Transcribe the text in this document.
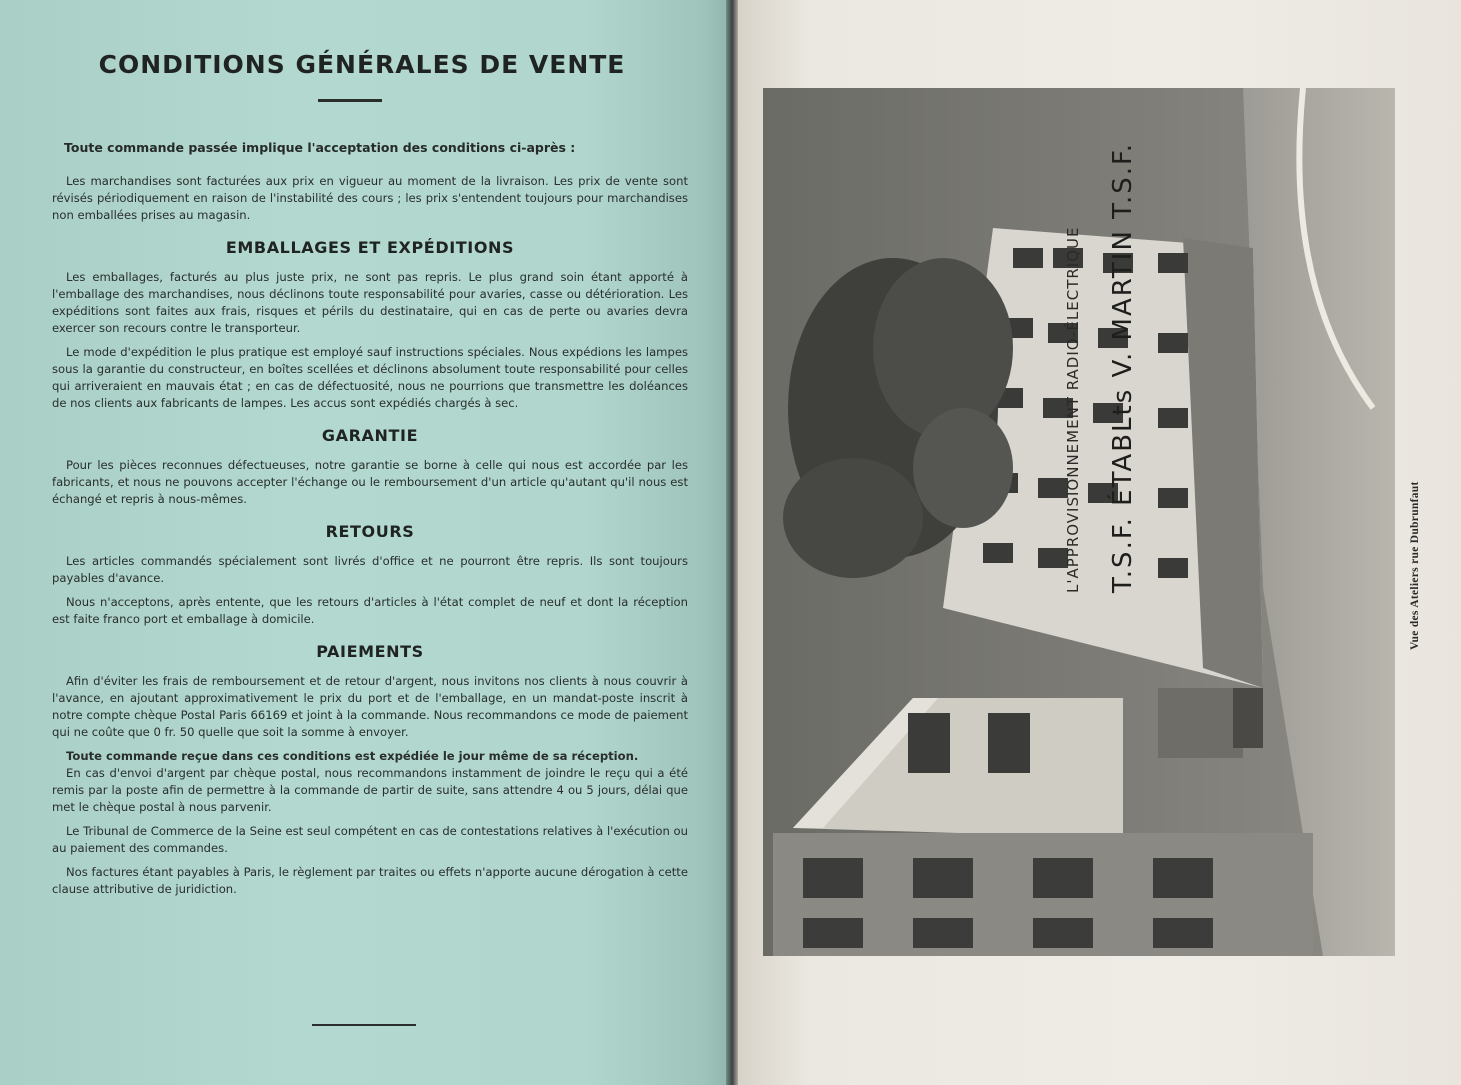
CONDITIONS GÉNÉRALES DE VENTE
Toute commande passée implique l'acceptation des conditions ci-après :

Les marchandises sont facturées aux prix en vigueur au moment de la livraison. Les prix de vente sont révisés périodiquement en raison de l'instabilité des cours ; les prix s'entendent toujours pour marchandises non emballées prises au magasin.

EMBALLAGES ET EXPÉDITIONS

Les emballages, facturés au plus juste prix, ne sont pas repris. Le plus grand soin étant apporté à l'emballage des marchandises, nous déclinons toute responsabilité pour avaries, casse ou détérioration. Les expéditions sont faites aux frais, risques et périls du destinataire, qui en cas de perte ou avaries devra exercer son recours contre le transporteur.

Le mode d'expédition le plus pratique est employé sauf instructions spéciales. Nous expédions les lampes sous la garantie du constructeur, en boîtes scellées et déclinons absolument toute responsabilité pour celles qui arriveraient en mauvais état ; en cas de défectuosité, nous ne pourrions que transmettre les doléances de nos clients aux fabricants de lampes. Les accus sont expédiés chargés à sec.

GARANTIE

Pour les pièces reconnues défectueuses, notre garantie se borne à celle qui nous est accordée par les fabricants, et nous ne pouvons accepter l'échange ou le remboursement d'un article qu'autant qu'il nous est échangé et repris à nous-mêmes.

RETOURS

Les articles commandés spécialement sont livrés d'office et ne pourront être repris. Ils sont toujours payables d'avance.

Nous n'acceptons, après entente, que les retours d'articles à l'état complet de neuf et dont la réception est faite franco port et emballage à domicile.

PAIEMENTS

Afin d'éviter les frais de remboursement et de retour d'argent, nous invitons nos clients à nous couvrir à l'avance, en ajoutant approximativement le prix du port et de l'emballage, en un mandat-poste inscrit à notre compte chèque Postal Paris 66169 et joint à la commande. Nous recommandons ce mode de paiement qui ne coûte que 0 fr. 50 quelle que soit la somme à envoyer.

Toute commande reçue dans ces conditions est expédiée le jour même de sa réception.

En cas d'envoi d'argent par chèque postal, nous recommandons instamment de joindre le reçu qui a été remis par la poste afin de permettre à la commande de partir de suite, sans attendre 4 ou 5 jours, délai que met le chèque postal à nous parvenir.

Le Tribunal de Commerce de la Seine est seul compétent en cas de contestations relatives à l'exécution ou au paiement des commandes.

Nos factures étant payables à Paris, le règlement par traites ou effets n'apporte aucune dérogation à cette clause attributive de juridiction.

L'APPROVISIONNEMENT RADIO-ÉLECTRIQUE T.S.F. ÉTABLts V. MARTIN T.S.F.	Vue des Ateliers rue Dubrunfaut
